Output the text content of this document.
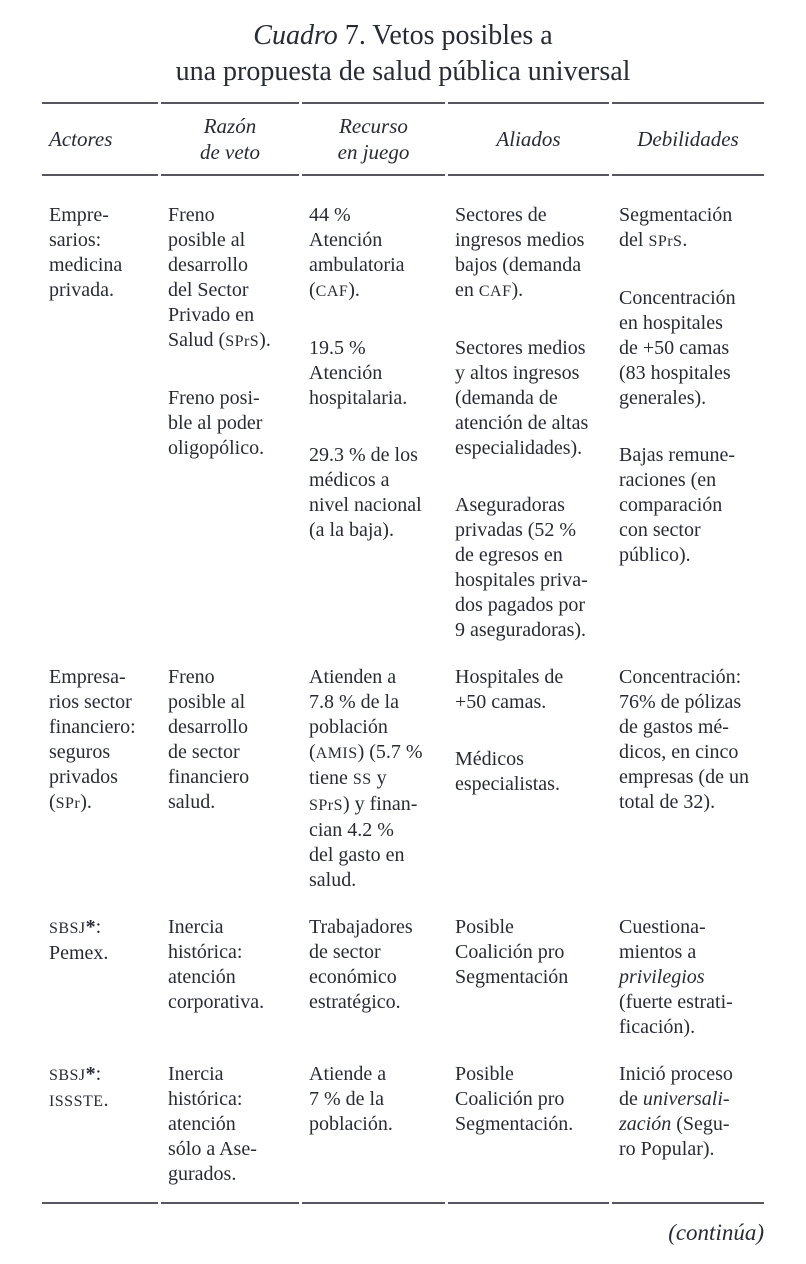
Cuadro 7. Vetos posibles a
una propuesta de salud pública universal
Actores
Razón
de veto
Recurso
en juego
Aliados	Debilidades

Empre-
sarios:
medicina
privada.

Freno
posible al
desarrollo
del Sector
Privado en
Salud (SPrS).

Freno posi-
ble al poder
oligopólico.

44 %
Atención
ambulatoria
(CAF).

19.5 %
Atención
hospitalaria.

29.3 % de los
médicos a
nivel nacional
(a la baja).

Sectores de
ingresos medios
bajos (demanda
en CAF).

Sectores medios
y altos ingresos
(demanda de
atención de altas
especialidades).

Aseguradoras
privadas (52 %
de egresos en
hospitales priva-
dos pagados por
9 aseguradoras).

Segmentación
del SPrS.

Concentración
en hospitales
de +50 camas
(83 hospitales
generales).

Bajas remune-
raciones (en
comparación
con sector
público).

Empresa-
rios sector
financiero:
seguros
privados
(SPr).

Freno
posible al
desarrollo
de sector
financiero
salud.

Atienden a
7.8 % de la
población
(AMIS) (5.7 %
tiene SS y
SPrS) y finan-
cian 4.2 %
del gasto en
salud.

Hospitales de
+50 camas.

Médicos
especialistas.

Concentración:
76% de pólizas
de gastos mé-
dicos, en cinco
empresas (de un
total de 32).

SBSJ*:
Pemex.

Inercia
histórica:
atención
corporativa.

Trabajadores
de sector
económico
estratégico.

Posible
Coalición pro
Segmentación

Cuestiona-
mientos a
privilegios
(fuerte estrati-
ficación).

SBSJ*:
ISSSTE.

Inercia
histórica:
atención
sólo a Ase-
gurados.

Atiende a
7 % de la
población.

Posible
Coalición pro
Segmentación.

Inició proceso
de universali-
zación (Segu-
ro Popular).

(continúa)
